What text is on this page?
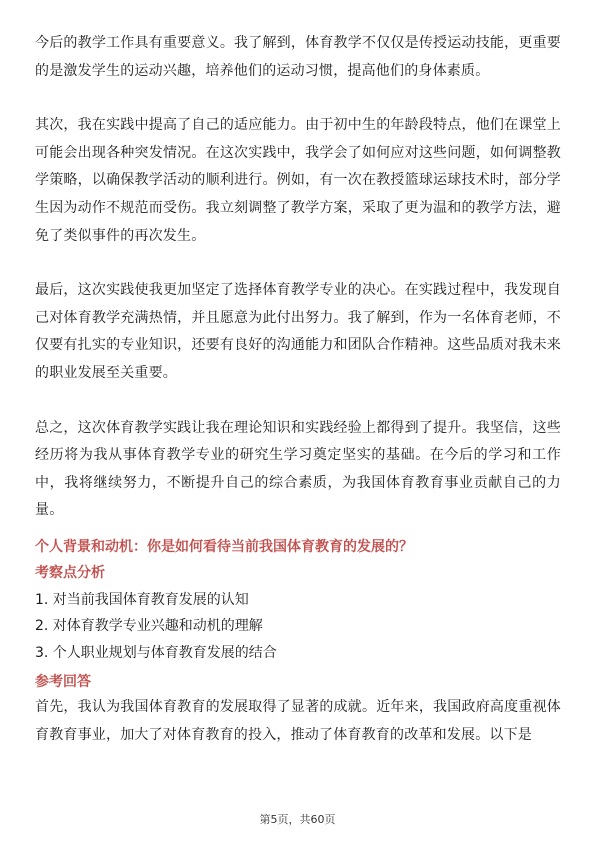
今后的教学工作具有重要意义。我了解到，体育教学不仅仅是传授运动技能，更重要的是激发学生的运动兴趣，培养他们的运动习惯，提高他们的身体素质。

其次，我在实践中提高了自己的适应能力。由于初中生的年龄段特点，他们在课堂上可能会出现各种突发情况。在这次实践中，我学会了如何应对这些问题，如何调整教学策略，以确保教学活动的顺利进行。例如，有一次在教授篮球运球技术时，部分学生因为动作不规范而受伤。我立刻调整了教学方案，采取了更为温和的教学方法，避免了类似事件的再次发生。

最后，这次实践使我更加坚定了选择体育教学专业的决心。在实践过程中，我发现自己对体育教学充满热情，并且愿意为此付出努力。我了解到，作为一名体育老师，不仅要有扎实的专业知识，还要有良好的沟通能力和团队合作精神。这些品质对我未来的职业发展至关重要。

总之，这次体育教学实践让我在理论知识和实践经验上都得到了提升。我坚信，这些经历将为我从事体育教学专业的研究生学习奠定坚实的基础。在今后的学习和工作中，我将继续努力，不断提升自己的综合素质，为我国体育教育事业贡献自己的力量。

个人背景和动机：你是如何看待当前我国体育教育的发展的？
考察点分析
1. 对当前我国体育教育发展的认知
2. 对体育教学专业兴趣和动机的理解
3. 个人职业规划与体育教育发展的结合
参考回答

首先，我认为我国体育教育的发展取得了显著的成就。近年来，我国政府高度重视体育教育事业，加大了对体育教育的投入，推动了体育教育的改革和发展。以下是

第5页，共60页
